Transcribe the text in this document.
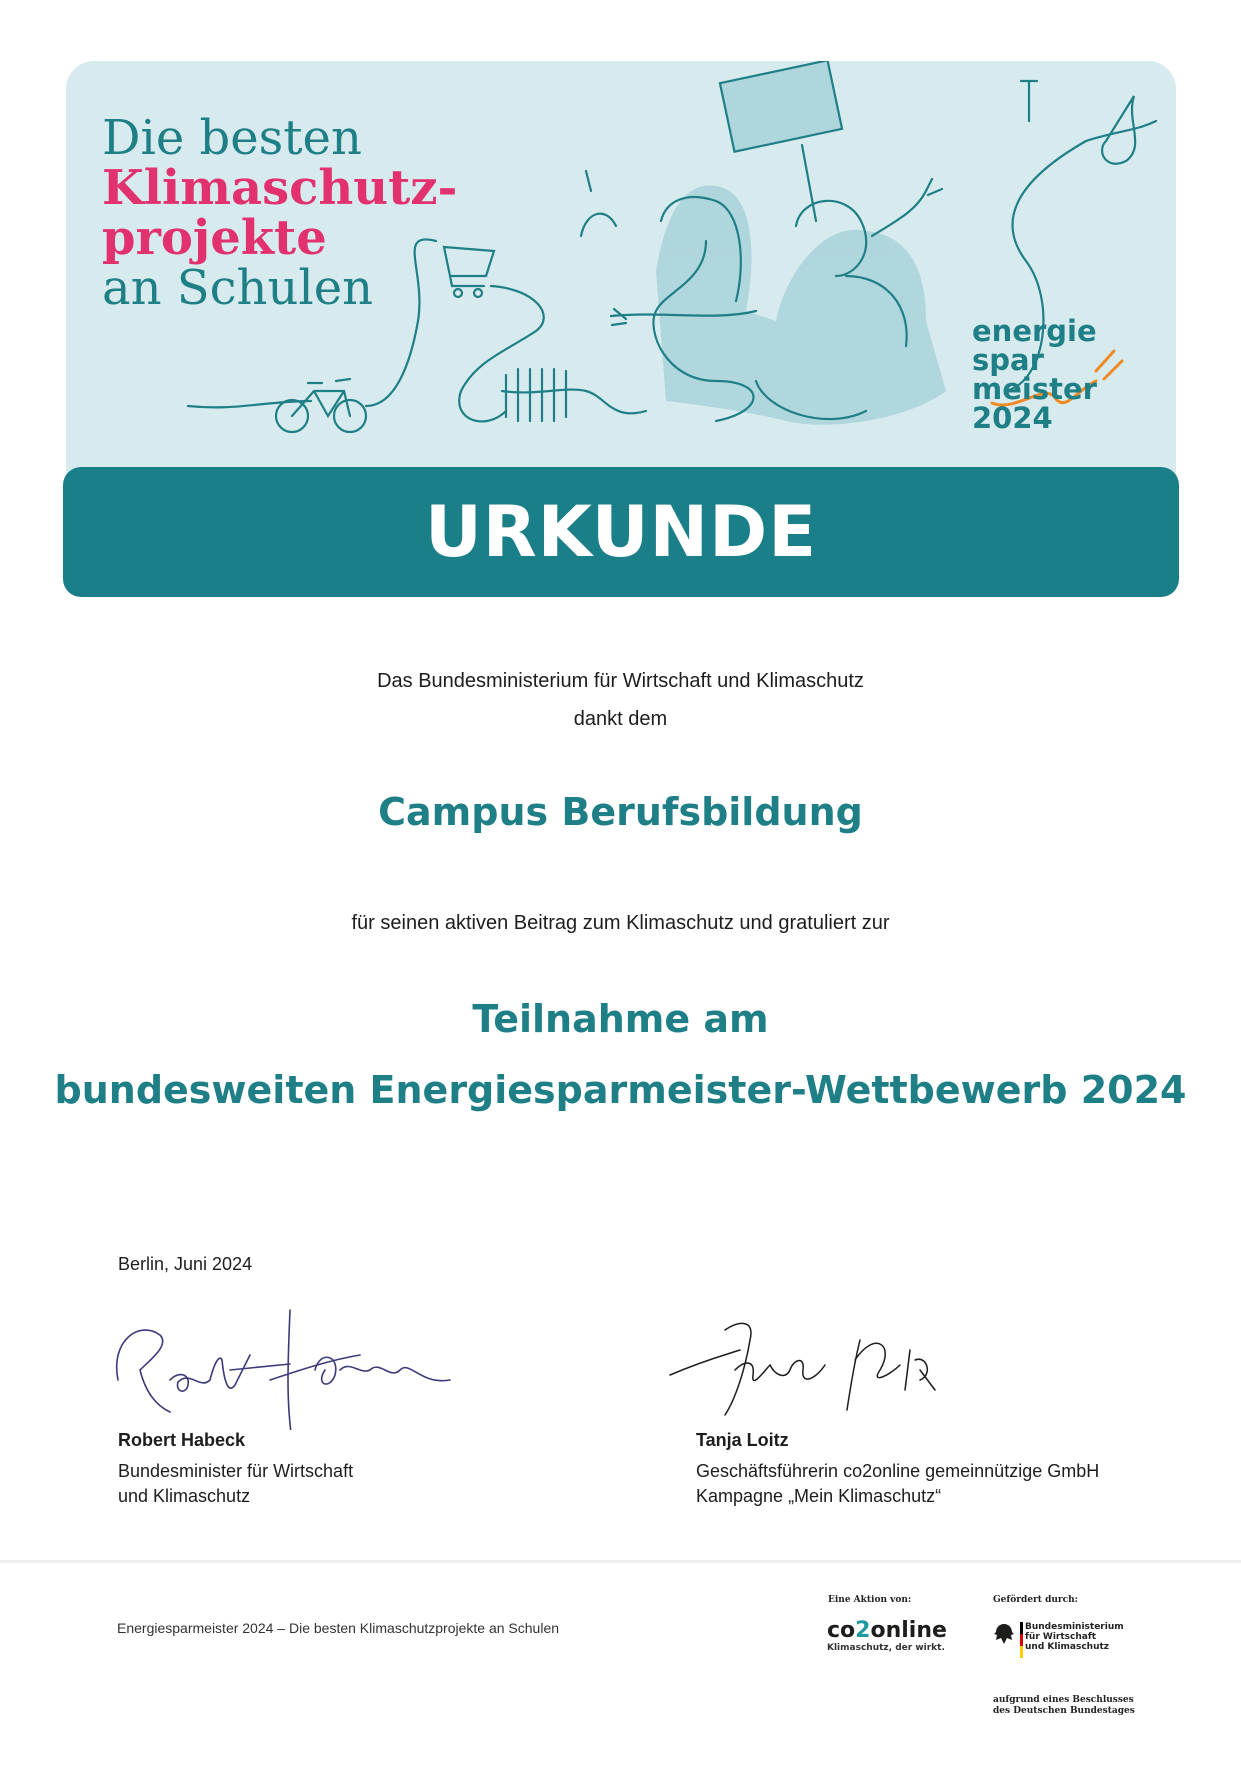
Die besten
Klimaschutz-
projekte
an Schulen
energie
spar
meister
2024
URKUNDE
Das Bundesministerium für Wirtschaft und Klimaschutz
dankt dem
Campus Berufsbildung
für seinen aktiven Beitrag zum Klimaschutz und gratuliert zur
Teilnahme am
bundesweiten Energiesparmeister-Wettbewerb 2024
Berlin, Juni 2024
Robert Habeck
Bundesminister für Wirtschaft
und Klimaschutz
Tanja Loitz
Geschäftsführerin co2online gemeinnützige GmbH
Kampagne „Mein Klimaschutz“
Energiesparmeister 2024 – Die besten Klimaschutzprojekte an Schulen
Eine Aktion von:
co2online
Klimaschutz, der wirkt.
Gefördert durch:
Bundesministerium
für Wirtschaft
und Klimaschutz
aufgrund eines Beschlusses
des Deutschen Bundestages
